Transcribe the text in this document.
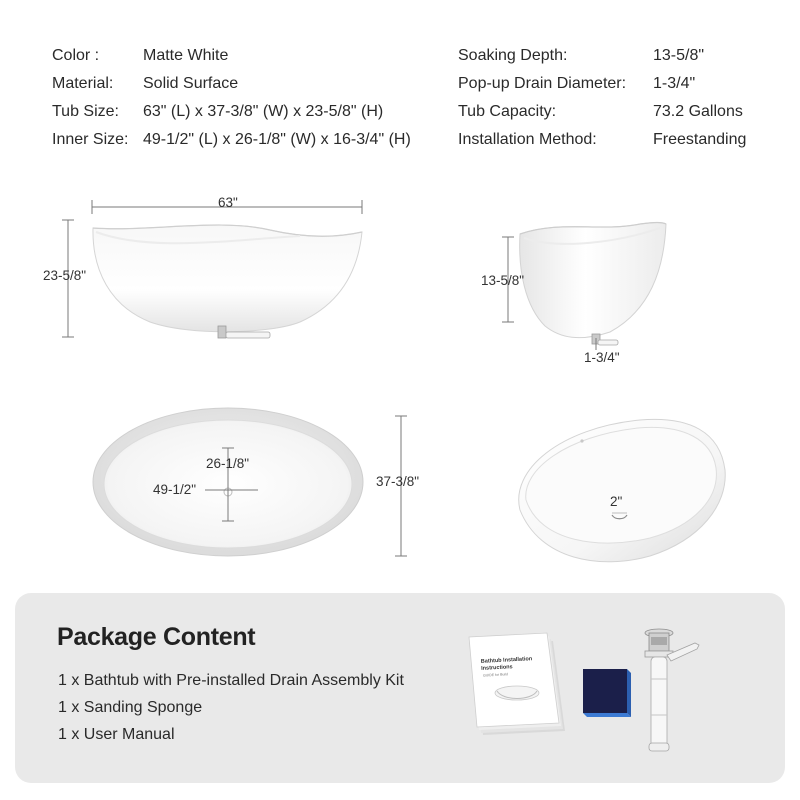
Color :	Matte White
Material: Solid Surface
Tub Size: 63" (L) x 37-3/8" (W) x 23-5/8" (H)
Inner Size: 49-1/2" (L) x 26-1/8" (W) x 16-3/4" (H)
Soaking Depth:	13-5/8"
Pop-up Drain Diameter: 1-3/4"
Tub Capacity:	73.2 Gallons
Installation Method:	Freestanding
63"
23-5/8"	13-5/8"
1-3/4"
26-1/8"
49-1/2"
37-3/8"
2"
Package Content
1 x Bathtub with Pre-installed Drain Assembly Kit
1 x Sanding Sponge
1 x User Manual
Bathtub Installation Instructions
GUIDE for Build
